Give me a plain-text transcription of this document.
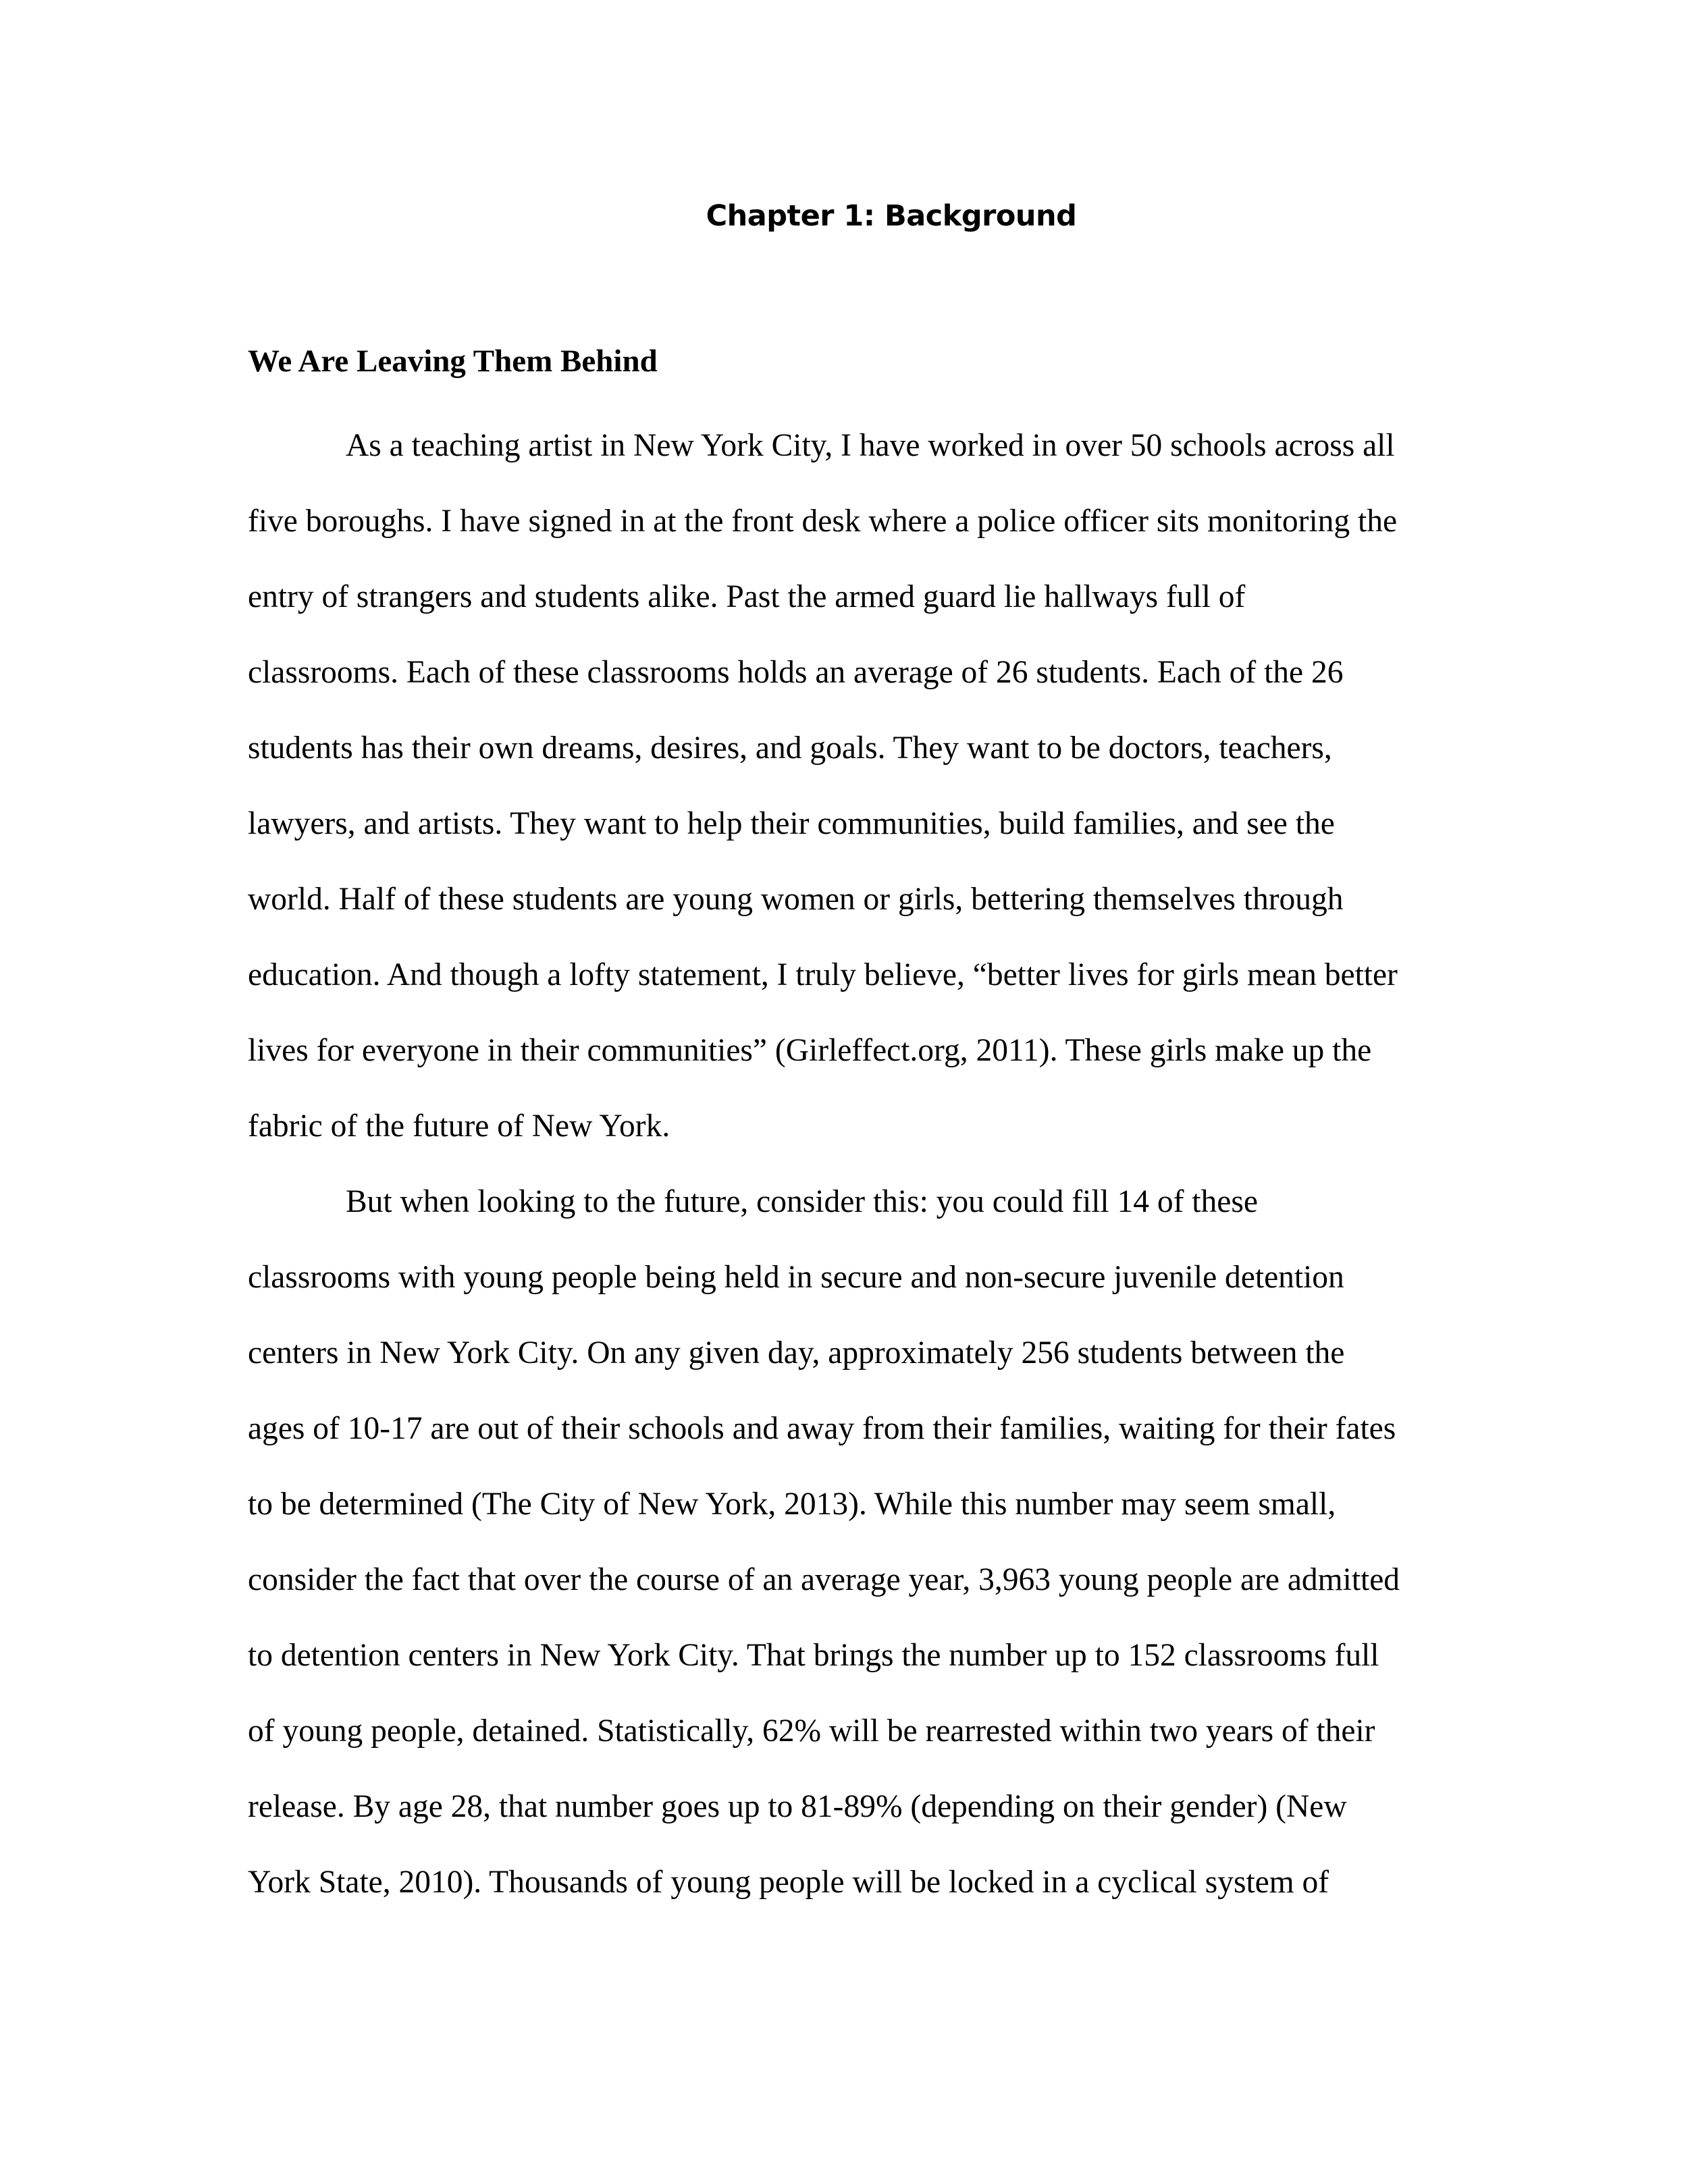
Chapter 1: Background
We Are Leaving Them Behind
As a teaching artist in New York City, I have worked in over 50 schools across all
five boroughs. I have signed in at the front desk where a police officer sits monitoring the
entry of strangers and students alike. Past the armed guard lie hallways full of
classrooms. Each of these classrooms holds an average of 26 students. Each of the 26
students has their own dreams, desires, and goals. They want to be doctors, teachers,
lawyers, and artists. They want to help their communities, build families, and see the
world. Half of these students are young women or girls, bettering themselves through
education. And though a lofty statement, I truly believe, “better lives for girls mean better
lives for everyone in their communities” (Girleffect.org, 2011). These girls make up the
fabric of the future of New York.
But when looking to the future, consider this: you could fill 14 of these
classrooms with young people being held in secure and non-secure juvenile detention
centers in New York City. On any given day, approximately 256 students between the
ages of 10-17 are out of their schools and away from their families, waiting for their fates
to be determined (The City of New York, 2013). While this number may seem small,
consider the fact that over the course of an average year, 3,963 young people are admitted
to detention centers in New York City. That brings the number up to 152 classrooms full
of young people, detained. Statistically, 62% will be rearrested within two years of their
release. By age 28, that number goes up to 81-89% (depending on their gender) (New
York State, 2010). Thousands of young people will be locked in a cyclical system of
